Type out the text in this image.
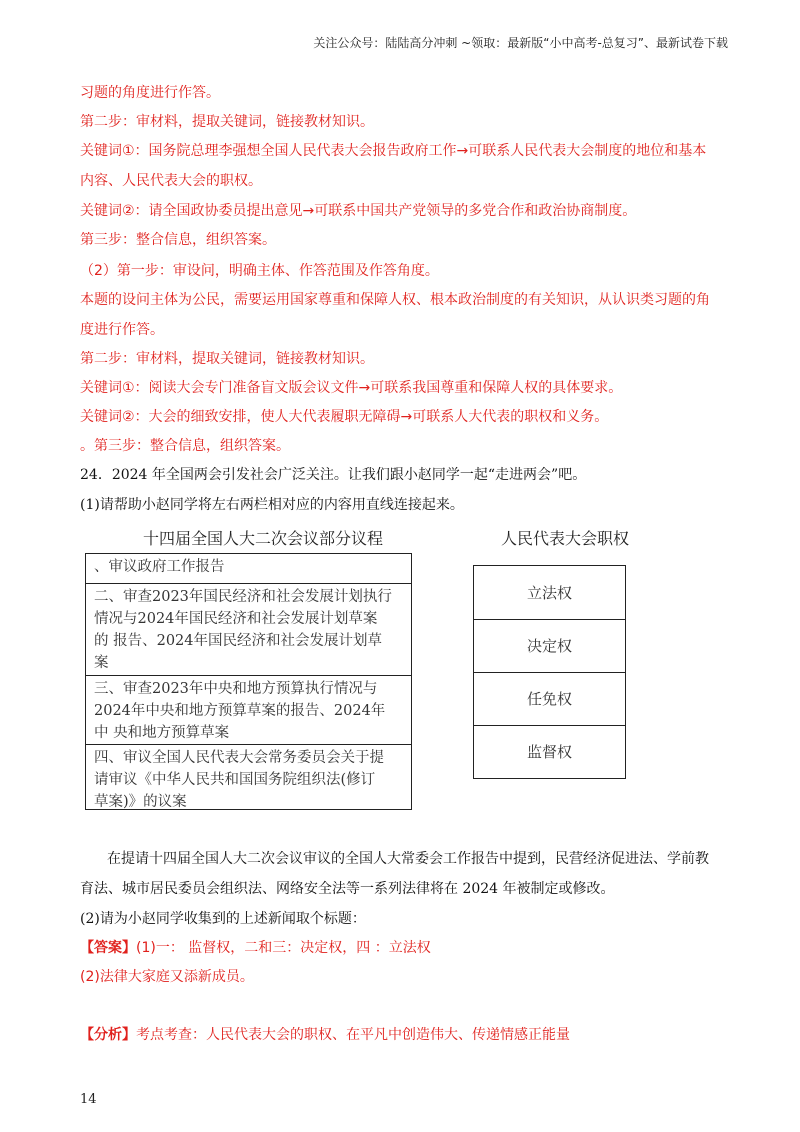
关注公众号：陆陆高分冲刺 ~领取：最新版“小中高考-总复习”、最新试卷下载
习题的角度进行作答。
第二步：审材料，提取关键词，链接教材知识。
关键词①：国务院总理李强想全国人民代表大会报告政府工作→可联系人民代表大会制度的地位和基本
内容、人民代表大会的职权。
关键词②：请全国政协委员提出意见→可联系中国共产党领导的多党合作和政治协商制度。
第三步：整合信息，组织答案。
（2）第一步：审设问，明确主体、作答范围及作答角度。
本题的设问主体为公民，需要运用国家尊重和保障人权、根本政治制度的有关知识，从认识类习题的角
度进行作答。
第二步：审材料，提取关键词，链接教材知识。
关键词①：阅读大会专门准备盲文版会议文件→可联系我国尊重和保障人权的具体要求。
关键词②：大会的细致安排，使人大代表履职无障碍→可联系人大代表的职权和义务。
。第三步：整合信息，组织答案。
24．2024 年全国两会引发社会广泛关注。让我们跟小赵同学一起“走进两会”吧。
(1)请帮助小赵同学将左右两栏相对应的内容用直线连接起来。
十四届全国人大二次会议部分议程	人民代表大会职权
、审议政府工作报告
二、审查2023年国民经济和社会发展计划执行
情况与2024年国民经济和社会发展计划草案
的 报告、2024年国民经济和社会发展计划草
案
三、审查2023年中央和地方预算执行情况与
2024年中央和地方预算草案的报告、2024年
中 央和地方预算草案
四、审议全国人民代表大会常务委员会关于提
请审议《中华人民共和国国务院组织法(修订
草案)》的议案
立法权
决定权
任免权
监督权
在提请十四届全国人大二次会议审议的全国人大常委会工作报告中提到，民营经济促进法、学前教
育法、城市居民委员会组织法、网络安全法等一系列法律将在 2024 年被制定或修改。
(2)请为小赵同学收集到的上述新闻取个标题：
【答案】(1)一： 监督权，二和三：决定权，四 ：立法权
(2)法律大家庭又添新成员。
【分析】考点考查：人民代表大会的职权、在平凡中创造伟大、传递情感正能量
14
